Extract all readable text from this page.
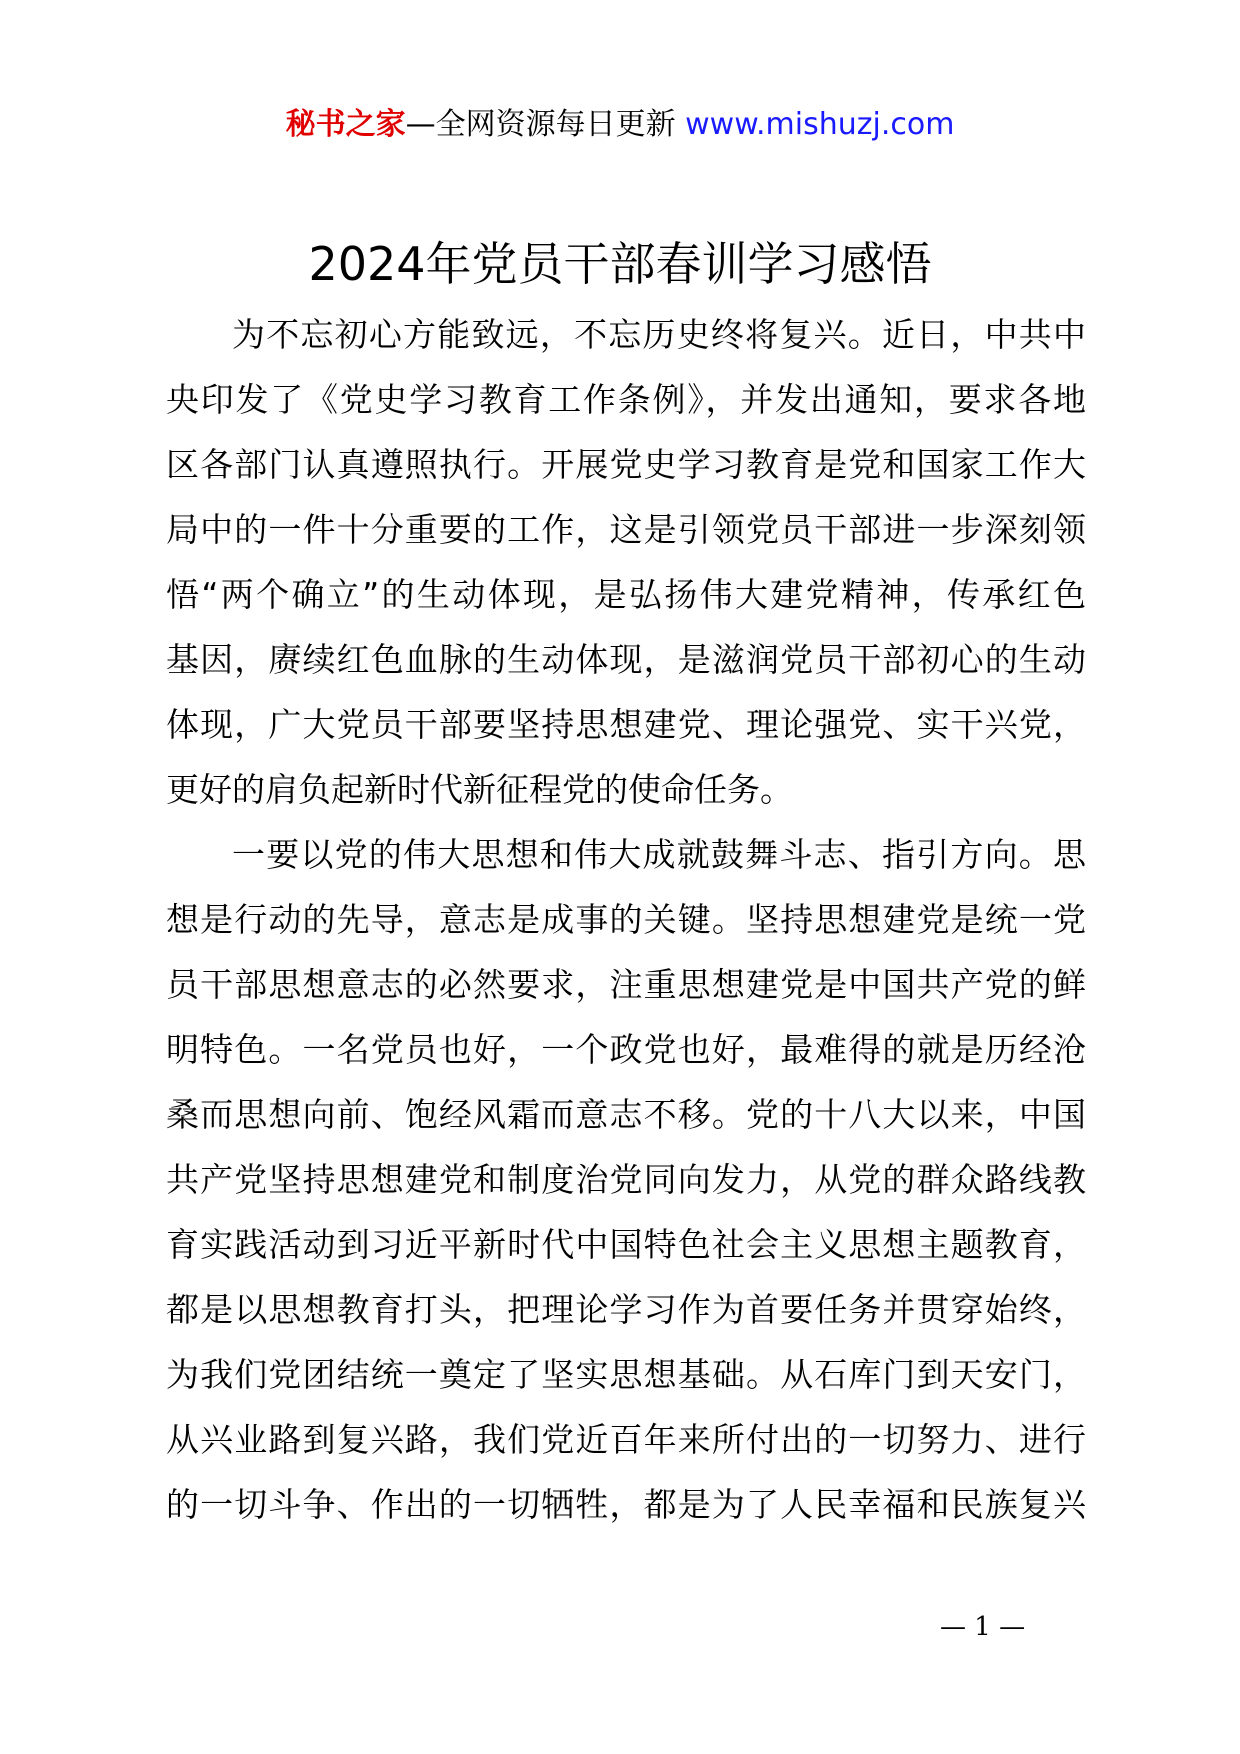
秘书之家—全网资源每日更新 www.mishuzj.com
2024年党员干部春训学习感悟
为不忘初心方能致远，不忘历史终将复兴。近日，中共中
央印发了《党史学习教育工作条例》，并发出通知，要求各地
区各部门认真遵照执行。开展党史学习教育是党和国家工作大
局中的一件十分重要的工作，这是引领党员干部进一步深刻领
悟“两个确立”的生动体现，是弘扬伟大建党精神，传承红色
基因，赓续红色血脉的生动体现，是滋润党员干部初心的生动
体现，广大党员干部要坚持思想建党、理论强党、实干兴党，
更好的肩负起新时代新征程党的使命任务。
一要以党的伟大思想和伟大成就鼓舞斗志、指引方向。思
想是行动的先导，意志是成事的关键。坚持思想建党是统一党
员干部思想意志的必然要求，注重思想建党是中国共产党的鲜
明特色。一名党员也好，一个政党也好，最难得的就是历经沧
桑而思想向前、饱经风霜而意志不移。党的十八大以来，中国
共产党坚持思想建党和制度治党同向发力，从党的群众路线教
育实践活动到习近平新时代中国特色社会主义思想主题教育，
都是以思想教育打头，把理论学习作为首要任务并贯穿始终，
为我们党团结统一奠定了坚实思想基础。从石库门到天安门，
从兴业路到复兴路，我们党近百年来所付出的一切努力、进行
的一切斗争、作出的一切牺牲，都是为了人民幸福和民族复兴
— 1 —
